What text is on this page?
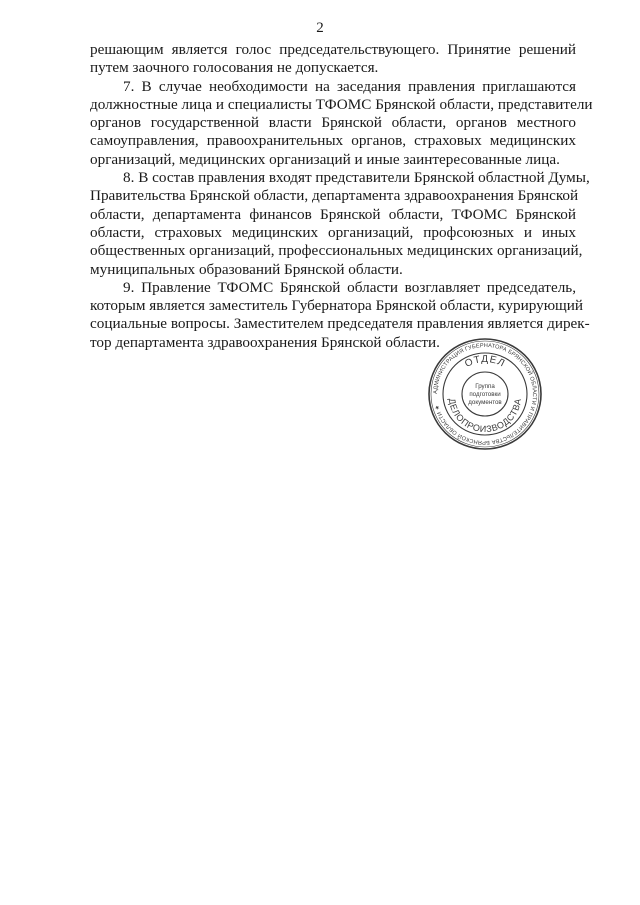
2
решающим является голос председательствующего. Принятие решений
путем заочного голосования не допускается.
7. В случае необходимости на заседания правления приглашаются
должностные лица и специалисты ТФОМС Брянской области, представители
органов государственной власти Брянской области, органов местного
самоуправления, правоохранительных органов, страховых медицинских
организаций, медицинских организаций и иные заинтересованные лица.
8. В состав правления входят представители Брянской областной Думы,
Правительства Брянской области, департамента здравоохранения Брянской
области, департамента финансов Брянской области, ТФОМС Брянской
области, страховых медицинских организаций, профсоюзных и иных
общественных организаций, профессиональных медицинских организаций,
муниципальных образований Брянской области.
9. Правление ТФОМС Брянской области возглавляет председатель,
которым является заместитель Губернатора Брянской области, курирующий
социальные вопросы. Заместителем председателя правления является дирек-
тор департамента здравоохранения Брянской области.
АДМИНИСТРАЦИЯ ГУБЕРНАТОРА БРЯНСКОЙ ОБЛАСТИ И ПРАВИТЕЛЬСТВА БРЯНСКОЙ ОБЛАСТИ ★
ОТДЕЛ
ДЕЛОПРОИЗВОДСТВА
Группа
подготовки
документов
